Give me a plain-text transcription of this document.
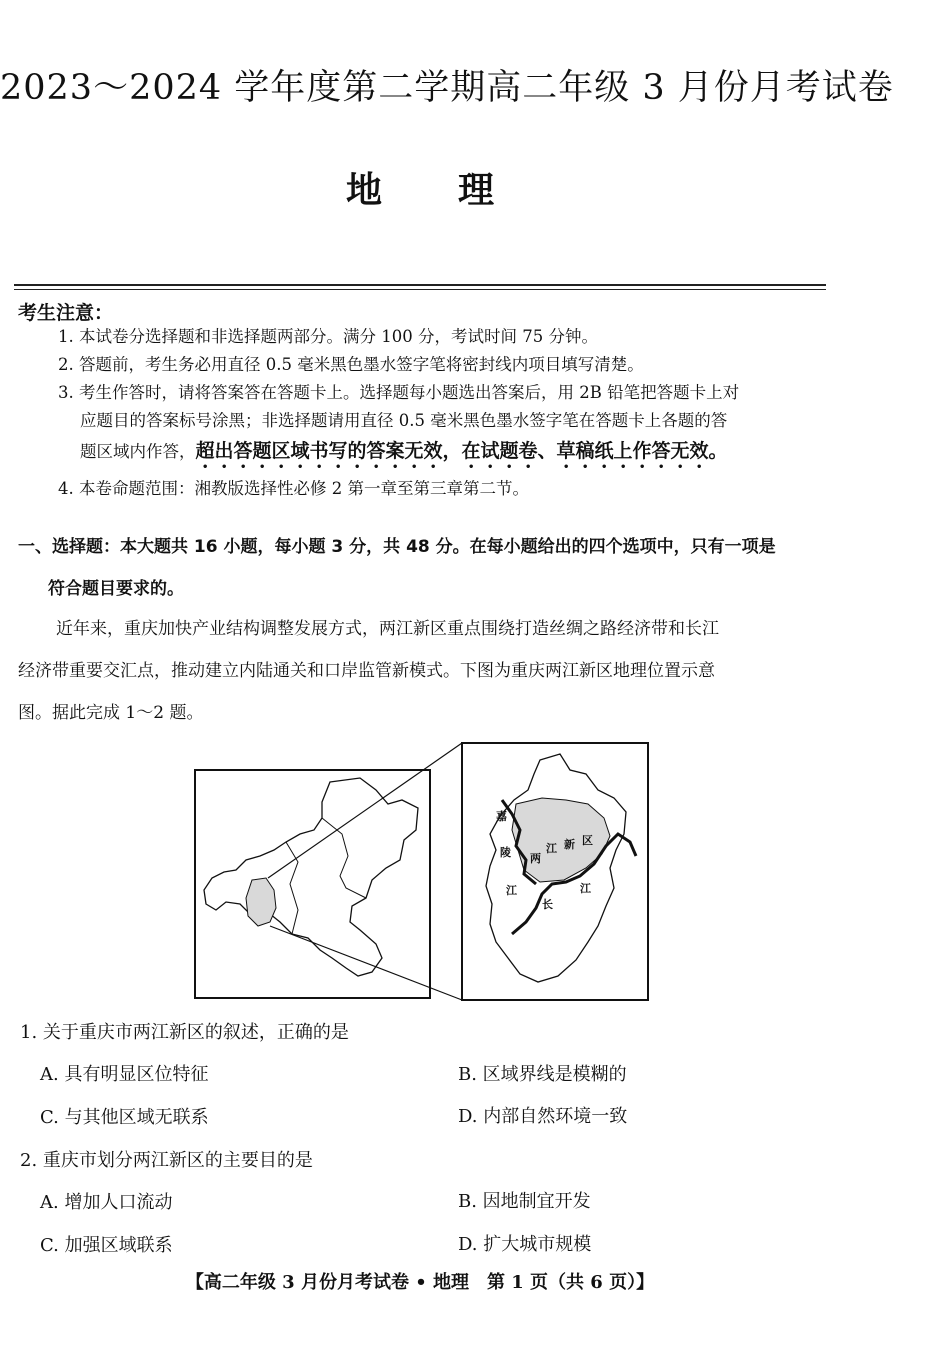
2023～2024 学年度第二学期高二年级 3 月份月考试卷
地理
考生注意：
1. 本试卷分选择题和非选择题两部分。满分 100 分，考试时间 75 分钟。
2. 答题前，考生务必用直径 0.5 毫米黑色墨水签字笔将密封线内项目填写清楚。
3. 考生作答时，请将答案答在答题卡上。选择题每小题选出答案后，用 2B 铅笔把答题卡上对
应题目的答案标号涂黑；非选择题请用直径 0.5 毫米黑色墨水签字笔在答题卡上各题的答
题区域内作答，超出答题区域书写的答案无效，在试题卷、草稿纸上作答无效。
4. 本卷命题范围：湘教版选择性必修 2 第一章至第三章第二节。
一、选择题：本大题共 16 小题，每小题 3 分，共 48 分。在每小题给出的四个选项中，只有一项是
符合题目要求的。
近年来，重庆加快产业结构调整发展方式，两江新区重点围绕打造丝绸之路经济带和长江
经济带重要交汇点，推动建立内陆通关和口岸监管新模式。下图为重庆两江新区地理位置示意
图。据此完成 1～2 题。
嘉
陵
江
两
江 新 区
长
江
1. 关于重庆市两江新区的叙述，正确的是
A. 具有明显区位特征	B. 区域界线是模糊的
C. 与其他区域无联系	D. 内部自然环境一致
2. 重庆市划分两江新区的主要目的是
A. 增加人口流动	B. 因地制宜开发
C. 加强区域联系	D. 扩大城市规模
【高二年级 3 月份月考试卷 • 地理　第 1 页（共 6 页）】
